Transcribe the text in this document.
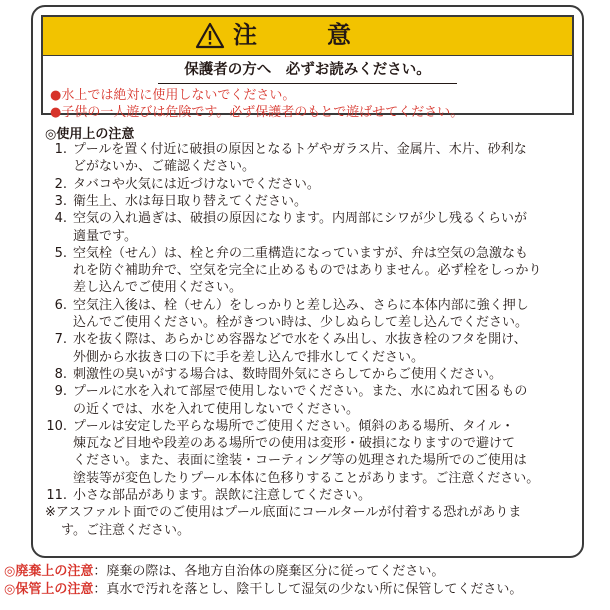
注意
保護者の方へ　必ずお読みください。
●水上では絶対に使用しないでください。
●子供の一人遊びは危険です。必ず保護者のもとで遊ばせてください。
◎使用上の注意
1. プールを置く付近に破損の原因となるトゲやガラス片、金属片、木片、砂利な
どがないか、ご確認ください。
2. タバコや火気には近づけないでください。
3. 衛生上、水は毎日取り替えてください。
4. 空気の入れ過ぎは、破損の原因になります。内周部にシワが少し残るくらいが
適量です。
5. 空気栓（せん）は、栓と弁の二重構造になっていますが、弁は空気の急激なも
れを防ぐ補助弁で、空気を完全に止めるものではありません。必ず栓をしっかり
差し込んでご使用ください。
6. 空気注入後は、栓（せん）をしっかりと差し込み、さらに本体内部に強く押し
込んでご使用ください。栓がきつい時は、少しぬらして差し込んでください。
7. 水を抜く際は、あらかじめ容器などで水をくみ出し、水抜き栓のフタを開け、
外側から水抜き口の下に手を差し込んで排水してください。
8. 刺激性の臭いがする場合は、数時間外気にさらしてからご使用ください。
9. プールに水を入れて部屋で使用しないでください。また、水にぬれて困るもの
の近くでは、水を入れて使用しないでください。
10. プールは安定した平らな場所でご使用ください。傾斜のある場所、タイル・
煉瓦など目地や段差のある場所での使用は変形・破損になりますので避けて
ください。また、表面に塗装・コーティング等の処理された場所でのご使用は
塗装等が変色したりプール本体に色移りすることがあります。ご注意ください。
11. 小さな部品があります。誤飲に注意してください。
※アスファルト面でのご使用はプール底面にコールタールが付着する恐れがありま
す。ご注意ください。
◎廃棄上の注意：廃棄の際は、各地方自治体の廃棄区分に従ってください。
◎保管上の注意：真水で汚れを落とし、陰干しして湿気の少ない所に保管してください。
